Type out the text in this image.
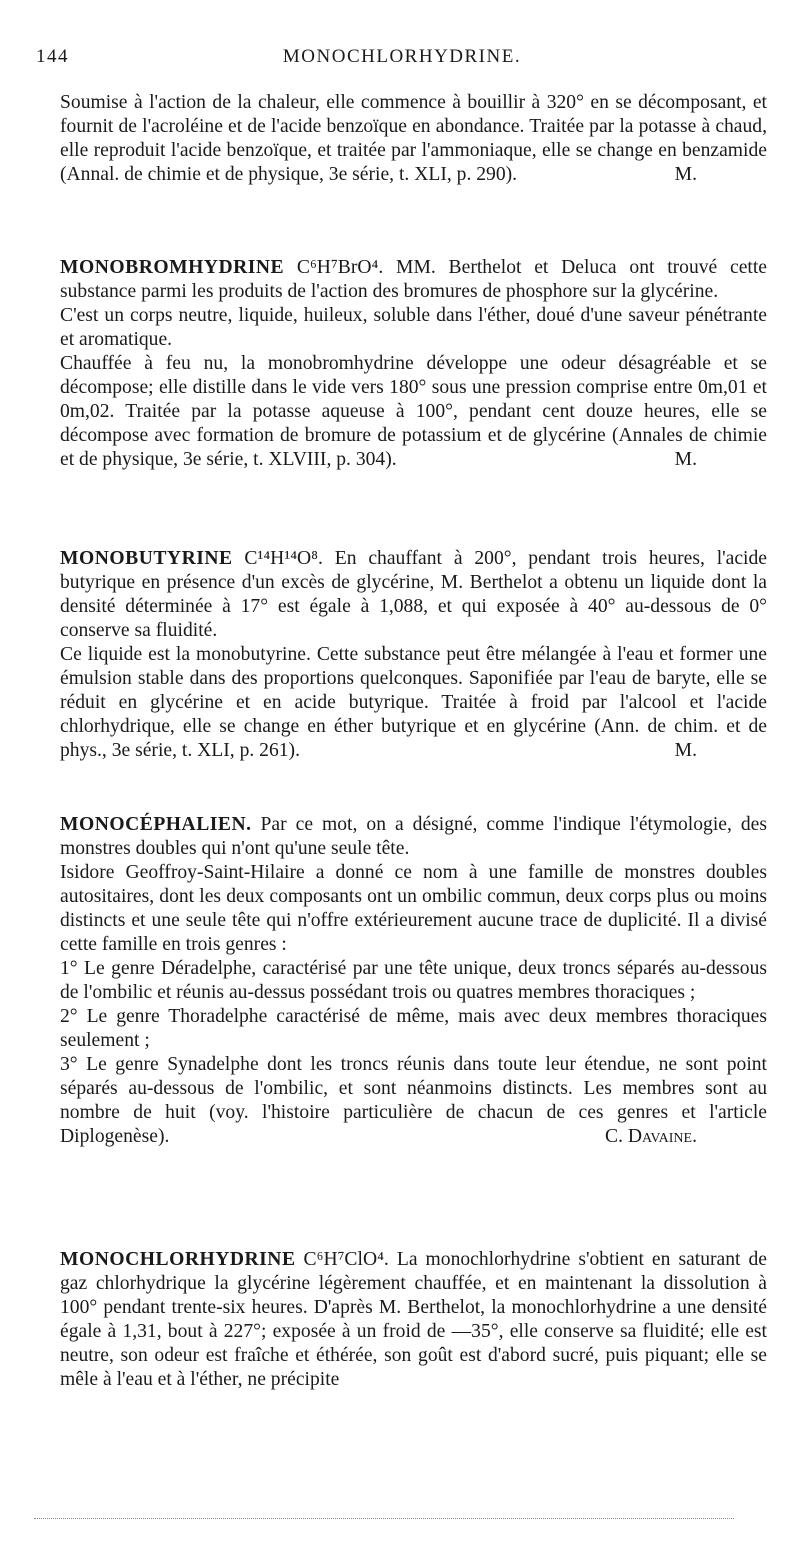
144	MONOCHLORHYDRINE.

Soumise à l'action de la chaleur, elle commence à bouillir à 320° en se décomposant, et fournit de l'acroléine et de l'acide benzoïque en abondance. Traitée par la potasse à chaud, elle reproduit l'acide benzoïque, et traitée par l'ammoniaque, elle se change en benzamide (Annal. de chimie et de physique, 3e série, t. XLI, p. 290).	M.

MONOBROMHYDRINE C⁶H⁷BrO⁴. MM. Berthelot et Deluca ont trouvé cette substance parmi les produits de l'action des bromures de phosphore sur la glycérine.

C'est un corps neutre, liquide, huileux, soluble dans l'éther, doué d'une saveur pénétrante et aromatique.

Chauffée à feu nu, la monobromhydrine développe une odeur désagréable et se décompose; elle distille dans le vide vers 180° sous une pression comprise entre 0m,01 et 0m,02. Traitée par la potasse aqueuse à 100°, pendant cent douze heures, elle se décompose avec formation de bromure de potassium et de glycérine (Annales de chimie et de physique, 3e série, t. XLVIII, p. 304).	M.

MONOBUTYRINE C¹⁴H¹⁴O⁸. En chauffant à 200°, pendant trois heures, l'acide butyrique en présence d'un excès de glycérine, M. Berthelot a obtenu un liquide dont la densité déterminée à 17° est égale à 1,088, et qui exposée à 40° au-dessous de 0° conserve sa fluidité.

Ce liquide est la monobutyrine. Cette substance peut être mélangée à l'eau et former une émulsion stable dans des proportions quelconques. Saponifiée par l'eau de baryte, elle se réduit en glycérine et en acide butyrique. Traitée à froid par l'alcool et l'acide chlorhydrique, elle se change en éther butyrique et en glycérine (Ann. de chim. et de phys., 3e série, t. XLI, p. 261).	M.

MONOCÉPHALIEN. Par ce mot, on a désigné, comme l'indique l'étymologie, des monstres doubles qui n'ont qu'une seule tête.

Isidore Geoffroy-Saint-Hilaire a donné ce nom à une famille de monstres doubles autositaires, dont les deux composants ont un ombilic commun, deux corps plus ou moins distincts et une seule tête qui n'offre extérieurement aucune trace de duplicité. Il a divisé cette famille en trois genres :

1° Le genre Déradelphe, caractérisé par une tête unique, deux troncs séparés au-dessous de l'ombilic et réunis au-dessus possédant trois ou quatres membres thoraciques ;

2° Le genre Thoradelphe caractérisé de même, mais avec deux membres thoraciques seulement ;

3° Le genre Synadelphe dont les troncs réunis dans toute leur étendue, ne sont point séparés au-dessous de l'ombilic, et sont néanmoins distincts. Les membres sont au nombre de huit (voy. l'histoire particulière de chacun de ces genres et l'article Diplogenèse).	C. Davaine.

MONOCHLORHYDRINE C⁶H⁷ClO⁴. La monochlorhydrine s'obtient en saturant de gaz chlorhydrique la glycérine légèrement chauffée, et en maintenant la dissolution à 100° pendant trente-six heures. D'après M. Berthelot, la monochlorhydrine a une densité égale à 1,31, bout à 227°; exposée à un froid de —35°, elle conserve sa fluidité; elle est neutre, son odeur est fraîche et éthérée, son goût est d'abord sucré, puis piquant; elle se mêle à l'eau et à l'éther, ne précipite
